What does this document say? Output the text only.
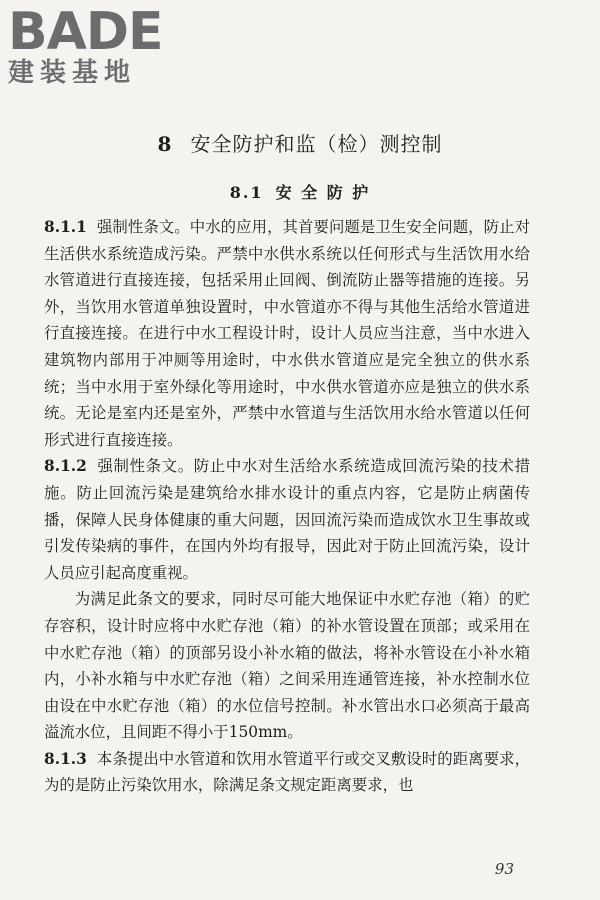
BADE
建装基地
8 安全防护和监（检）测控制
8.1 安 全 防 护

8.1.1 强制性条文。中水的应用，其首要问题是卫生安全问题，防止对生活供水系统造成污染。严禁中水供水系统以任何形式与生活饮用水给水管道进行直接连接，包括采用止回阀、倒流防止器等措施的连接。另外，当饮用水管道单独设置时，中水管道亦不得与其他生活给水管道进行直接连接。在进行中水工程设计时，设计人员应当注意，当中水进入建筑物内部用于冲厕等用途时，中水供水管道应是完全独立的供水系统；当中水用于室外绿化等用途时，中水供水管道亦应是独立的供水系统。无论是室内还是室外，严禁中水管道与生活饮用水给水管道以任何形式进行直接连接。

8.1.2 强制性条文。防止中水对生活给水系统造成回流污染的技术措施。防止回流污染是建筑给水排水设计的重点内容，它是防止病菌传播，保障人民身体健康的重大问题，因回流污染而造成饮水卫生事故或引发传染病的事件，在国内外均有报导，因此对于防止回流污染，设计人员应引起高度重视。

为满足此条文的要求，同时尽可能大地保证中水贮存池（箱）的贮存容积，设计时应将中水贮存池（箱）的补水管设置在顶部；或采用在中水贮存池（箱）的顶部另设小补水箱的做法，将补水管设在小补水箱内，小补水箱与中水贮存池（箱）之间采用连通管连接，补水控制水位由设在中水贮存池（箱）的水位信号控制。补水管出水口必须高于最高溢流水位，且间距不得小于150mm。

8.1.3 本条提出中水管道和饮用水管道平行或交叉敷设时的距离要求，为的是防止污染饮用水，除满足条文规定距离要求，也

93
